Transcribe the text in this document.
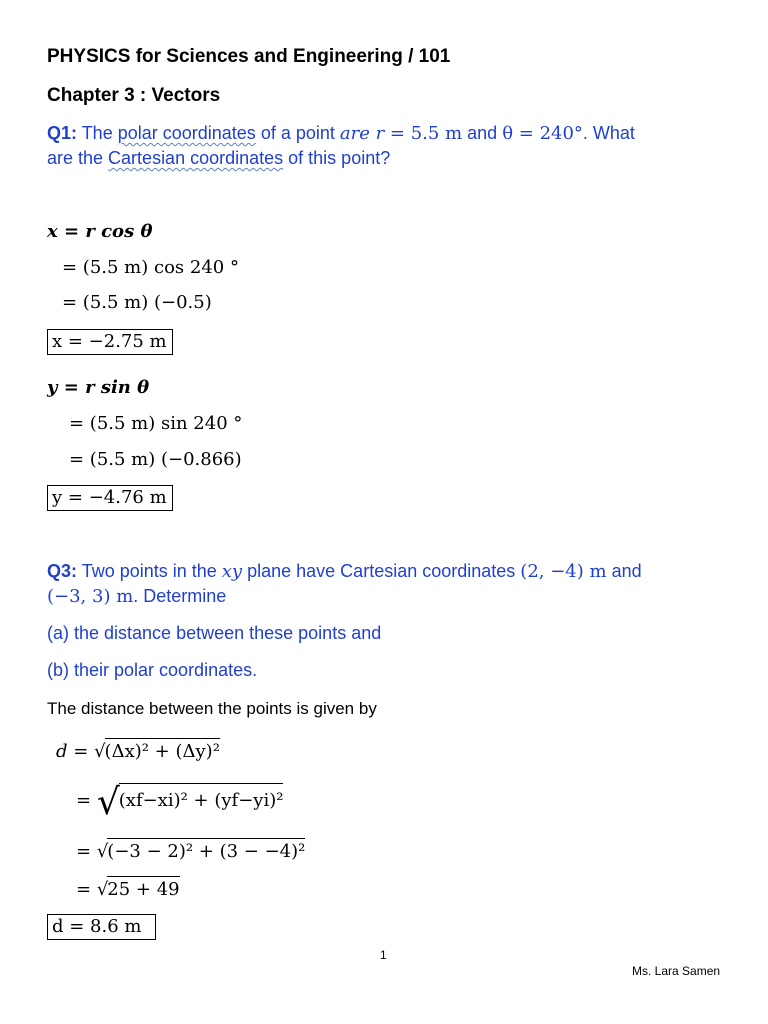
PHYSICS for Sciences and Engineering / 101
Chapter 3 : Vectors
Q1: The polar coordinates of a point are r = 5.5 m and θ = 240°. What
are the Cartesian coordinates of this point?
x = r cos θ
= (5.5 m) cos 240 °
= (5.5 m) (−0.5)
x = −2.75 m
y = r sin θ
= (5.5 m) sin 240 °
= (5.5 m) (−0.866)
y = −4.76 m
Q3: Two points in the xy plane have Cartesian coordinates (2, −4) m and
(−3, 3) m. Determine
(a) the distance between these points and
(b) their polar coordinates.
The distance between the points is given by
d = √(Δx)² + (Δy)²
= √(xf−xi)² + (yf−yi)²
= √(−3 − 2)² + (3 − −4)²
= √25 + 49
d = 8.6 m
1
Ms. Lara Samen
